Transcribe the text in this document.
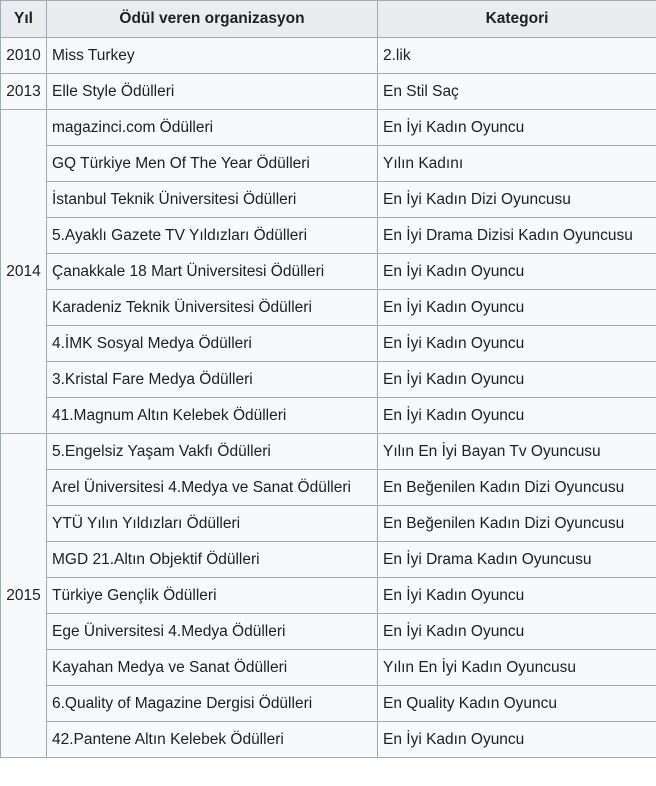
Yıl	Ödül veren organizasyon	Kategori
2010	Miss Turkey	2.lik
2013	Elle Style Ödülleri	En Stil Saç
2014	magazinci.com Ödülleri	En İyi Kadın Oyuncu
	GQ Türkiye Men Of The Year Ödülleri	Yılın Kadını
	İstanbul Teknik Üniversitesi Ödülleri	En İyi Kadın Dizi Oyuncusu
	5.Ayaklı Gazete TV Yıldızları Ödülleri	En İyi Drama Dizisi Kadın Oyuncusu
	Çanakkale 18 Mart Üniversitesi Ödülleri	En İyi Kadın Oyuncu
	Karadeniz Teknik Üniversitesi Ödülleri	En İyi Kadın Oyuncu
	4.İMK Sosyal Medya Ödülleri	En İyi Kadın Oyuncu
	3.Kristal Fare Medya Ödülleri	En İyi Kadın Oyuncu
	41.Magnum Altın Kelebek Ödülleri	En İyi Kadın Oyuncu
2015	5.Engelsiz Yaşam Vakfı Ödülleri	Yılın En İyi Bayan Tv Oyuncusu
	Arel Üniversitesi 4.Medya ve Sanat Ödülleri	En Beğenilen Kadın Dizi Oyuncusu
	YTÜ Yılın Yıldızları Ödülleri	En Beğenilen Kadın Dizi Oyuncusu
	MGD 21.Altın Objektif Ödülleri	En İyi Drama Kadın Oyuncusu
	Türkiye Gençlik Ödülleri	En İyi Kadın Oyuncu
	Ege Üniversitesi 4.Medya Ödülleri	En İyi Kadın Oyuncu
	Kayahan Medya ve Sanat Ödülleri	Yılın En İyi Kadın Oyuncusu
	6.Quality of Magazine Dergisi Ödülleri	En Quality Kadın Oyuncu
	42.Pantene Altın Kelebek Ödülleri	En İyi Kadın Oyuncu
